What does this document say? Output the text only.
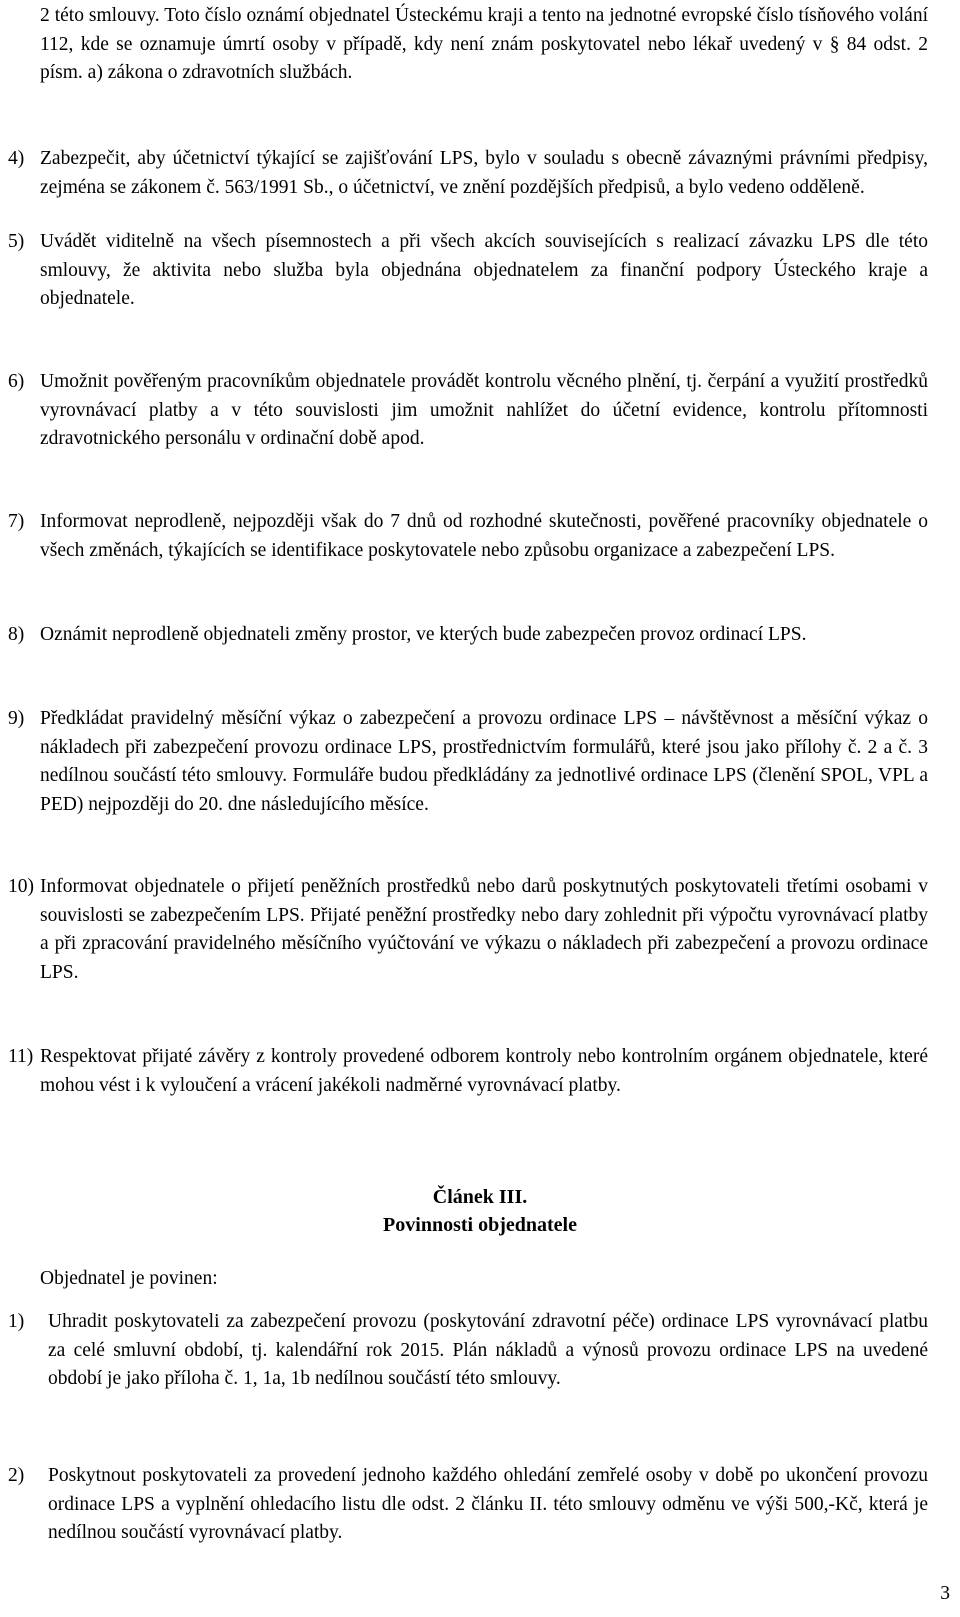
2 této smlouvy. Toto číslo oznámí objednatel Ústeckému kraji a tento na jednotné evropské číslo tísňového volání 112, kde se oznamuje úmrtí osoby v případě, kdy není znám poskytovatel nebo lékař uvedený v § 84 odst. 2 písm. a) zákona o zdravotních službách.
4) Zabezpečit, aby účetnictví týkající se zajišťování LPS, bylo v souladu s obecně závaznými právními předpisy, zejména se zákonem č. 563/1991 Sb., o účetnictví, ve znění pozdějších předpisů, a bylo vedeno odděleně.
5) Uvádět viditelně na všech písemnostech a při všech akcích souvisejících s realizací závazku LPS dle této smlouvy, že aktivita nebo služba byla objednána objednatelem za finanční podpory Ústeckého kraje a objednatele.
6) Umožnit pověřeným pracovníkům objednatele provádět kontrolu věcného plnění, tj. čerpání a využití prostředků vyrovnávací platby a v této souvislosti jim umožnit nahlížet do účetní evidence, kontrolu přítomnosti zdravotnického personálu v ordinační době apod.
7) Informovat neprodleně, nejpozději však do 7 dnů od rozhodné skutečnosti, pověřené pracovníky objednatele o všech změnách, týkajících se identifikace poskytovatele nebo způsobu organizace a zabezpečení LPS.
8) Oznámit neprodleně objednateli změny prostor, ve kterých bude zabezpečen provoz ordinací LPS.
9) Předkládat pravidelný měsíční výkaz o zabezpečení a provozu ordinace LPS – návštěvnost a měsíční výkaz o nákladech při zabezpečení provozu ordinace LPS, prostřednictvím formulářů, které jsou jako přílohy č. 2 a č. 3 nedílnou součástí této smlouvy. Formuláře budou předkládány za jednotlivé ordinace LPS (členění SPOL, VPL a PED) nejpozději do 20. dne následujícího měsíce.
10) Informovat objednatele o přijetí peněžních prostředků nebo darů poskytnutých poskytovateli třetími osobami v souvislosti se zabezpečením LPS. Přijaté peněžní prostředky nebo dary zohlednit při výpočtu vyrovnávací platby a při zpracování pravidelného měsíčního vyúčtování ve výkazu o nákladech při zabezpečení a provozu ordinace LPS.
11) Respektovat přijaté závěry z kontroly provedené odborem kontroly nebo kontrolním orgánem objednatele, které mohou vést i k vyloučení a vrácení jakékoli nadměrné vyrovnávací platby.
Článek III.
Povinnosti objednatele
Objednatel je povinen:
1) Uhradit poskytovateli za zabezpečení provozu (poskytování zdravotní péče) ordinace LPS vyrovnávací platbu za celé smluvní období, tj. kalendářní rok 2015. Plán nákladů a výnosů provozu ordinace LPS na uvedené období je jako příloha č. 1, 1a, 1b nedílnou součástí této smlouvy.
2) Poskytnout poskytovateli za provedení jednoho každého ohledání zemřelé osoby v době po ukončení provozu ordinace LPS a vyplnění ohledacího listu dle odst. 2 článku II. této smlouvy odměnu ve výši 500,-Kč, která je nedílnou součástí vyrovnávací platby.
3
